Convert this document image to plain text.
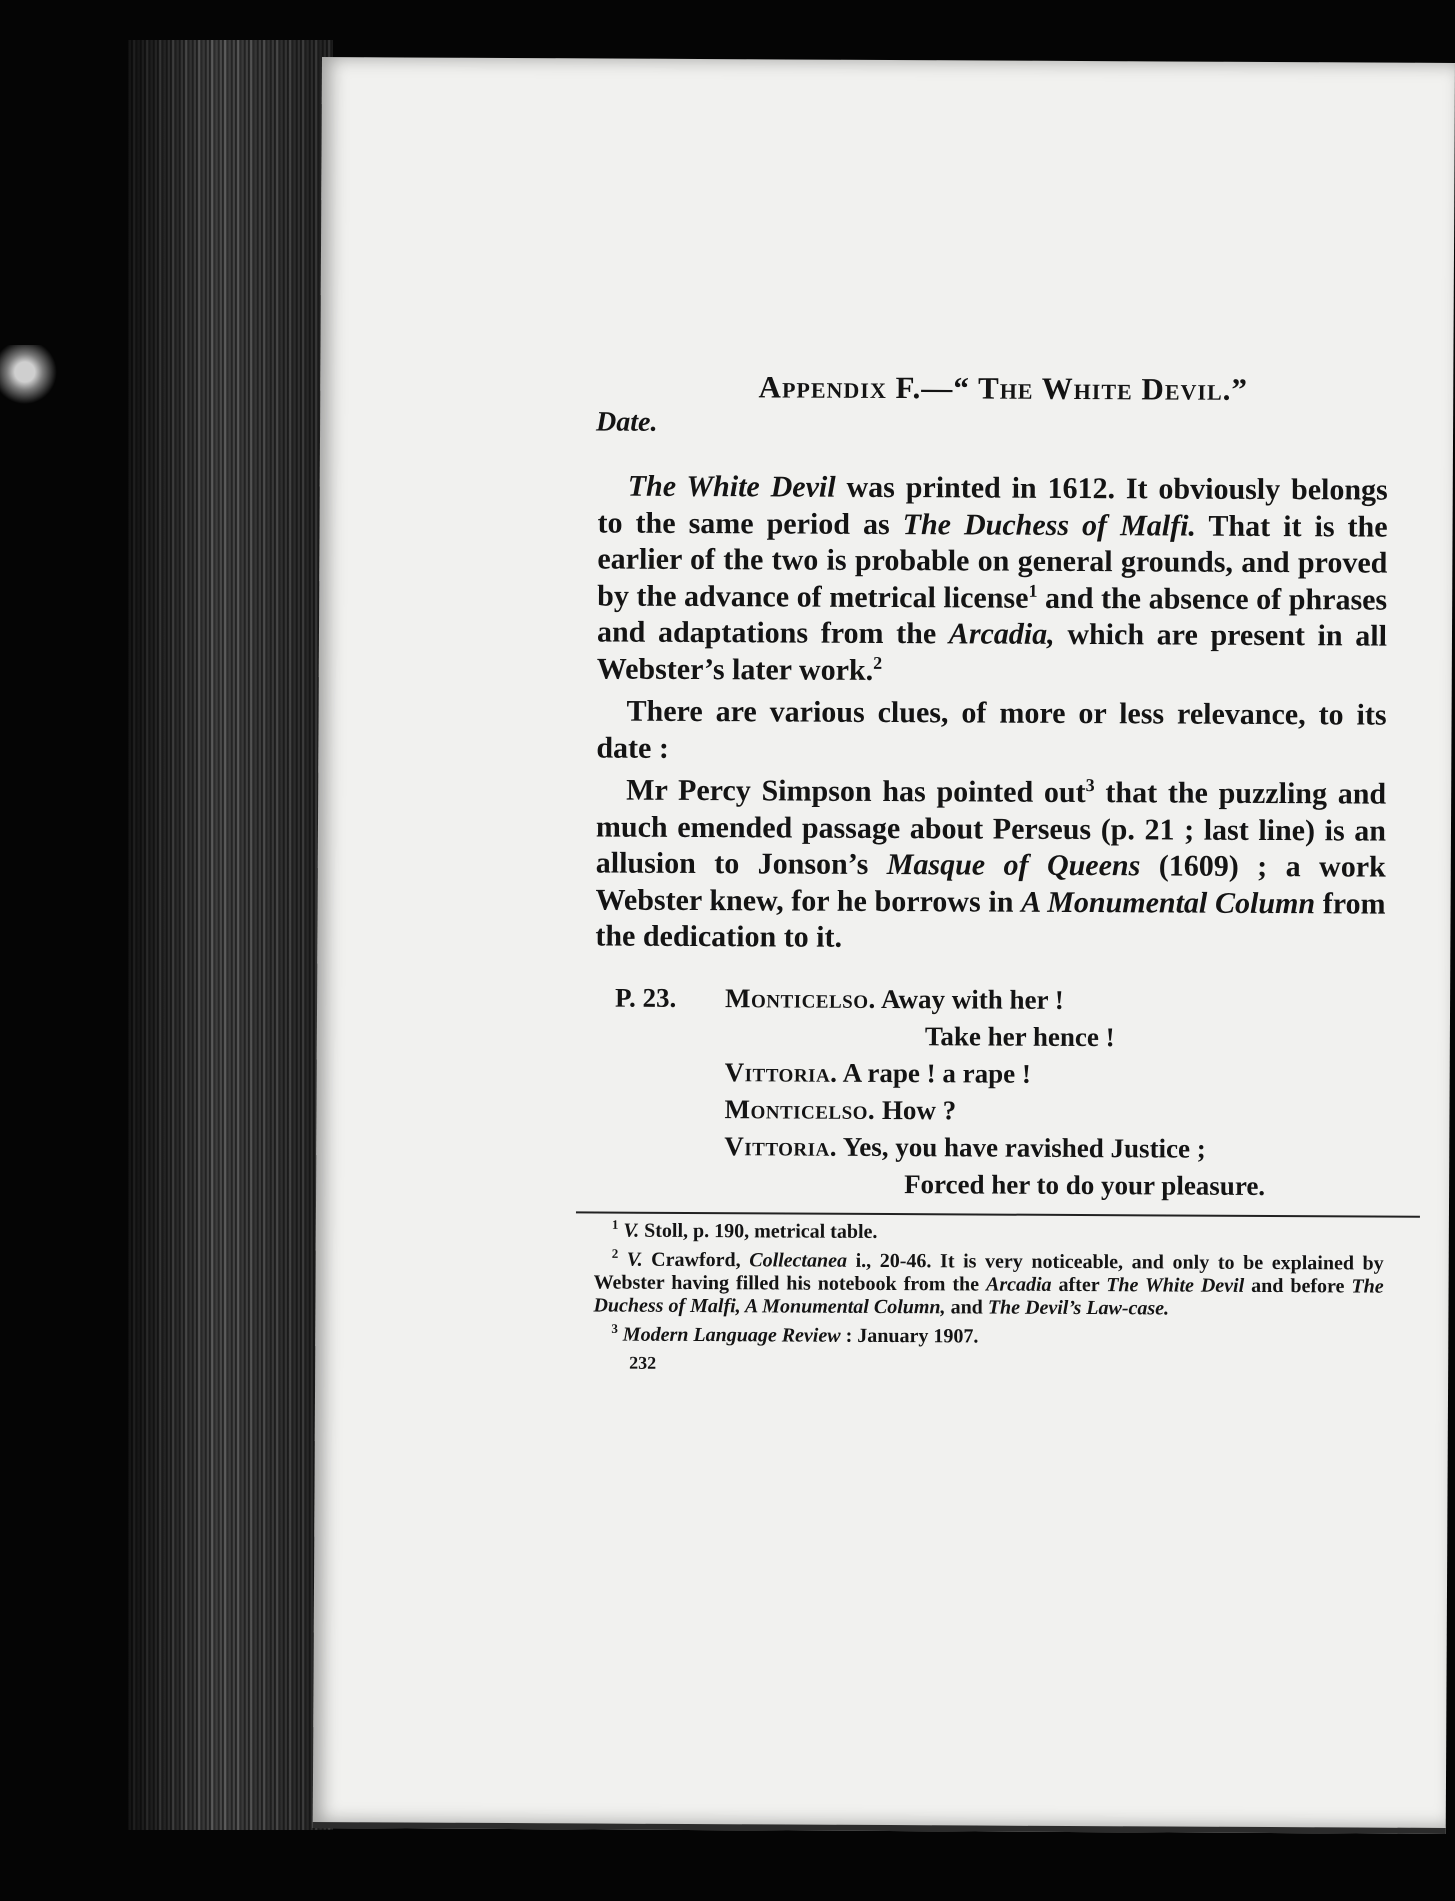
Appendix F.—“ The White Devil.”
Date.

The White Devil was printed in 1612. It obviously belongs to the same period as The Duchess of Malfi. That it is the earlier of the two is probable on general grounds, and proved by the advance of metrical license$^1$ and the absence of phrases and adaptations from the Arcadia, which are present in all Webster’s later work.$^2$

There are various clues, of more or less relevance, to its date :

Mr Percy Simpson has pointed out$^3$ that the puzzling and much emended passage about Perseus (p. 21 ; last line) is an allusion to Jonson’s Masque of Queens (1609) ; a work Webster knew, for he borrows in A Monumental Column from the dedication to it.

P. 23.	Monticelso. Away with her !
Take her hence !
Vittoria. A rape ! a rape !
Monticelso. How ?
Vittoria. Yes, you have ravished Justice ;
Forced her to do your pleasure.

$^1$ V. Stoll, p. 190, metrical table.

$^2$ V. Crawford, Collectanea i., 20-46. It is very noticeable, and only to be explained by Webster having filled his notebook from the Arcadia after The White Devil and before The Duchess of Malfi, A Monumental Column, and The Devil’s Law-case.

$^3$ Modern Language Review : January 1907.

232
